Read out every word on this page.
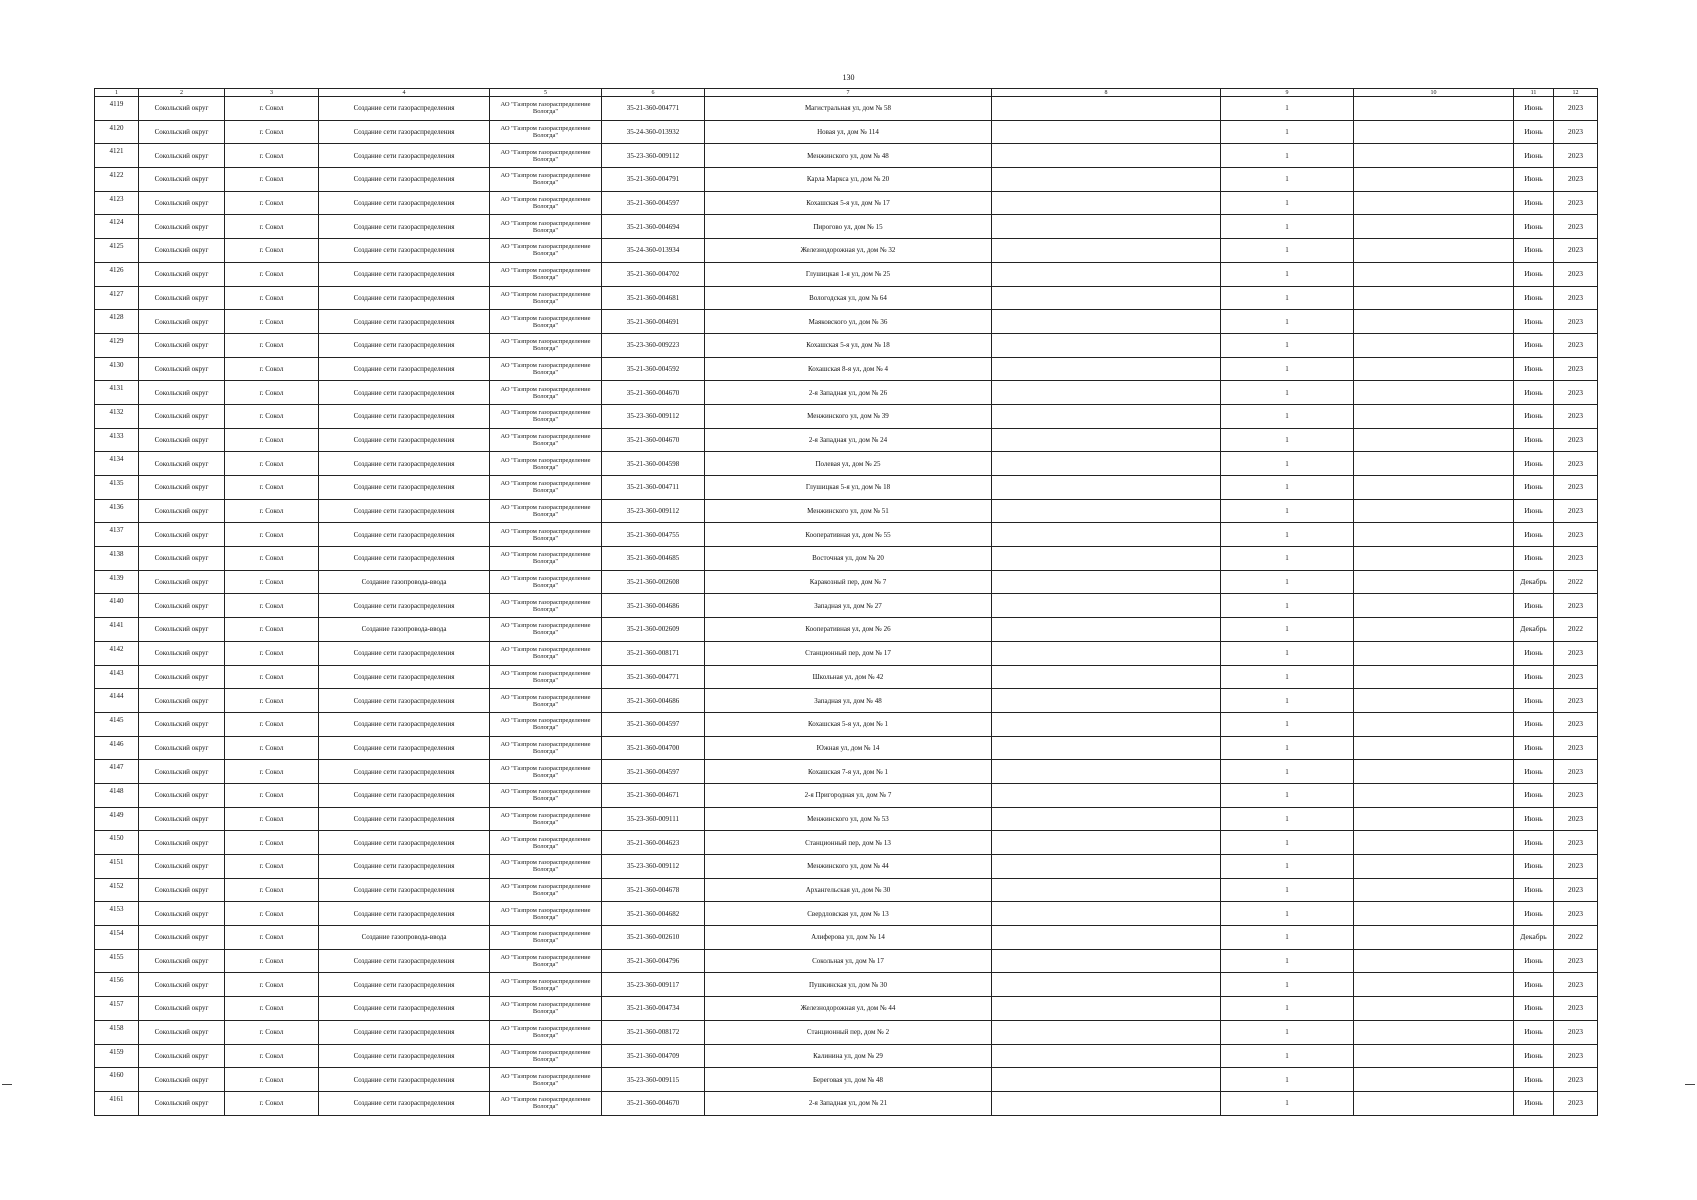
130
1	2	3	4	5	6	7	8	9	10	11	12
4119	Сокольский округ	г. Сокол	Создание сети газораспределения	АО "Газпром газораспределение Вологда"	35-21-360-004771	Магистральная ул, дом № 58		1		Июнь	2023
4120	Сокольский округ	г. Сокол	Создание сети газораспределения	АО "Газпром газораспределение Вологда"	35-24-360-013932	Новая ул, дом № 114		1		Июнь	2023
4121	Сокольский округ	г. Сокол	Создание сети газораспределения	АО "Газпром газораспределение Вологда"	35-23-360-009112	Менжинского ул, дом № 48		1		Июнь	2023
4122	Сокольский округ	г. Сокол	Создание сети газораспределения	АО "Газпром газораспределение Вологда"	35-21-360-004791	Карла Маркса ул, дом № 20		1		Июнь	2023
4123	Сокольский округ	г. Сокол	Создание сети газораспределения	АО "Газпром газораспределение Вологда"	35-21-360-004597	Кохашская 5-я ул, дом № 17		1		Июнь	2023
4124	Сокольский округ	г. Сокол	Создание сети газораспределения	АО "Газпром газораспределение Вологда"	35-21-360-004694	Пирогово ул, дом № 15		1		Июнь	2023
4125	Сокольский округ	г. Сокол	Создание сети газораспределения	АО "Газпром газораспределение Вологда"	35-24-360-013934	Железнодорожная ул, дом № 32		1		Июнь	2023
4126	Сокольский округ	г. Сокол	Создание сети газораспределения	АО "Газпром газораспределение Вологда"	35-21-360-004702	Глушицкая 1-я ул, дом № 25		1		Июнь	2023
4127	Сокольский округ	г. Сокол	Создание сети газораспределения	АО "Газпром газораспределение Вологда"	35-21-360-004681	Вологодская ул, дом № 64		1		Июнь	2023
4128	Сокольский округ	г. Сокол	Создание сети газораспределения	АО "Газпром газораспределение Вологда"	35-21-360-004691	Маяковского ул, дом № 36		1		Июнь	2023
4129	Сокольский округ	г. Сокол	Создание сети газораспределения	АО "Газпром газораспределение Вологда"	35-23-360-009223	Кохашская 5-я ул, дом № 18		1		Июнь	2023
4130	Сокольский округ	г. Сокол	Создание сети газораспределения	АО "Газпром газораспределение Вологда"	35-21-360-004592	Кохашская 8-я ул, дом № 4		1		Июнь	2023
4131	Сокольский округ	г. Сокол	Создание сети газораспределения	АО "Газпром газораспределение Вологда"	35-21-360-004670	2-я Западная ул, дом № 26		1		Июнь	2023
4132	Сокольский округ	г. Сокол	Создание сети газораспределения	АО "Газпром газораспределение Вологда"	35-23-360-009112	Менжинского ул, дом № 39		1		Июнь	2023
4133	Сокольский округ	г. Сокол	Создание сети газораспределения	АО "Газпром газораспределение Вологда"	35-21-360-004670	2-я Западная ул, дом № 24		1		Июнь	2023
4134	Сокольский округ	г. Сокол	Создание сети газораспределения	АО "Газпром газораспределение Вологда"	35-21-360-004598	Полевая ул, дом № 25		1		Июнь	2023
4135	Сокольский округ	г. Сокол	Создание сети газораспределения	АО "Газпром газораспределение Вологда"	35-21-360-004711	Глушицкая 5-я ул, дом № 18		1		Июнь	2023
4136	Сокольский округ	г. Сокол	Создание сети газораспределения	АО "Газпром газораспределение Вологда"	35-23-360-009112	Менжинского ул, дом № 51		1		Июнь	2023
4137	Сокольский округ	г. Сокол	Создание сети газораспределения	АО "Газпром газораспределение Вологда"	35-21-360-004755	Кооперативная ул, дом № 55		1		Июнь	2023
4138	Сокольский округ	г. Сокол	Создание сети газораспределения	АО "Газпром газораспределение Вологда"	35-21-360-004685	Восточная ул, дом № 20		1		Июнь	2023
4139	Сокольский округ	г. Сокол	Создание газопровода-ввода	АО "Газпром газораспределение Вологда"	35-21-360-002608	Каракозный пер, дом № 7		1		Декабрь	2022
4140	Сокольский округ	г. Сокол	Создание сети газораспределения	АО "Газпром газораспределение Вологда"	35-21-360-004686	Западная ул, дом № 27		1		Июнь	2023
4141	Сокольский округ	г. Сокол	Создание газопровода-ввода	АО "Газпром газораспределение Вологда"	35-21-360-002609	Кооперативная ул, дом № 26		1		Декабрь	2022
4142	Сокольский округ	г. Сокол	Создание сети газораспределения	АО "Газпром газораспределение Вологда"	35-21-360-008171	Станционный пер, дом № 17		1		Июнь	2023
4143	Сокольский округ	г. Сокол	Создание сети газораспределения	АО "Газпром газораспределение Вологда"	35-21-360-004771	Школьная ул, дом № 42		1		Июнь	2023
4144	Сокольский округ	г. Сокол	Создание сети газораспределения	АО "Газпром газораспределение Вологда"	35-21-360-004686	Западная ул, дом № 48		1		Июнь	2023
4145	Сокольский округ	г. Сокол	Создание сети газораспределения	АО "Газпром газораспределение Вологда"	35-21-360-004597	Кохашская 5-я ул, дом № 1		1		Июнь	2023
4146	Сокольский округ	г. Сокол	Создание сети газораспределения	АО "Газпром газораспределение Вологда"	35-21-360-004700	Южная ул, дом № 14		1		Июнь	2023
4147	Сокольский округ	г. Сокол	Создание сети газораспределения	АО "Газпром газораспределение Вологда"	35-21-360-004597	Кохашская 7-я ул, дом № 1		1		Июнь	2023
4148	Сокольский округ	г. Сокол	Создание сети газораспределения	АО "Газпром газораспределение Вологда"	35-21-360-004671	2-я Пригородная ул, дом № 7		1		Июнь	2023
4149	Сокольский округ	г. Сокол	Создание сети газораспределения	АО "Газпром газораспределение Вологда"	35-23-360-009111	Менжинского ул, дом № 53		1		Июнь	2023
4150	Сокольский округ	г. Сокол	Создание сети газораспределения	АО "Газпром газораспределение Вологда"	35-21-360-004623	Станционный пер, дом № 13		1		Июнь	2023
4151	Сокольский округ	г. Сокол	Создание сети газораспределения	АО "Газпром газораспределение Вологда"	35-23-360-009112	Менжинского ул, дом № 44		1		Июнь	2023
4152	Сокольский округ	г. Сокол	Создание сети газораспределения	АО "Газпром газораспределение Вологда"	35-21-360-004678	Архангельская ул, дом № 30		1		Июнь	2023
4153	Сокольский округ	г. Сокол	Создание сети газораспределения	АО "Газпром газораспределение Вологда"	35-21-360-004682	Свердловская ул, дом № 13		1		Июнь	2023
4154	Сокольский округ	г. Сокол	Создание газопровода-ввода	АО "Газпром газораспределение Вологда"	35-21-360-002610	Алиферова ул, дом № 14		1		Декабрь	2022
4155	Сокольский округ	г. Сокол	Создание сети газораспределения	АО "Газпром газораспределение Вологда"	35-21-360-004796	Сокольная ул, дом № 17		1		Июнь	2023
4156	Сокольский округ	г. Сокол	Создание сети газораспределения	АО "Газпром газораспределение Вологда"	35-23-360-009117	Пушкинская ул, дом № 30		1		Июнь	2023
4157	Сокольский округ	г. Сокол	Создание сети газораспределения	АО "Газпром газораспределение Вологда"	35-21-360-004734	Железнодорожная ул, дом № 44		1		Июнь	2023
4158	Сокольский округ	г. Сокол	Создание сети газораспределения	АО "Газпром газораспределение Вологда"	35-21-360-008172	Станционный пер, дом № 2		1		Июнь	2023
4159	Сокольский округ	г. Сокол	Создание сети газораспределения	АО "Газпром газораспределение Вологда"	35-21-360-004709	Калинина ул, дом № 29		1		Июнь	2023
4160	Сокольский округ	г. Сокол	Создание сети газораспределения	АО "Газпром газораспределение Вологда"	35-23-360-009115	Береговая ул, дом № 48		1		Июнь	2023
4161	Сокольский округ	г. Сокол	Создание сети газораспределения	АО "Газпром газораспределение Вологда"	35-21-360-004670	2-я Западная ул, дом № 21		1		Июнь	2023
